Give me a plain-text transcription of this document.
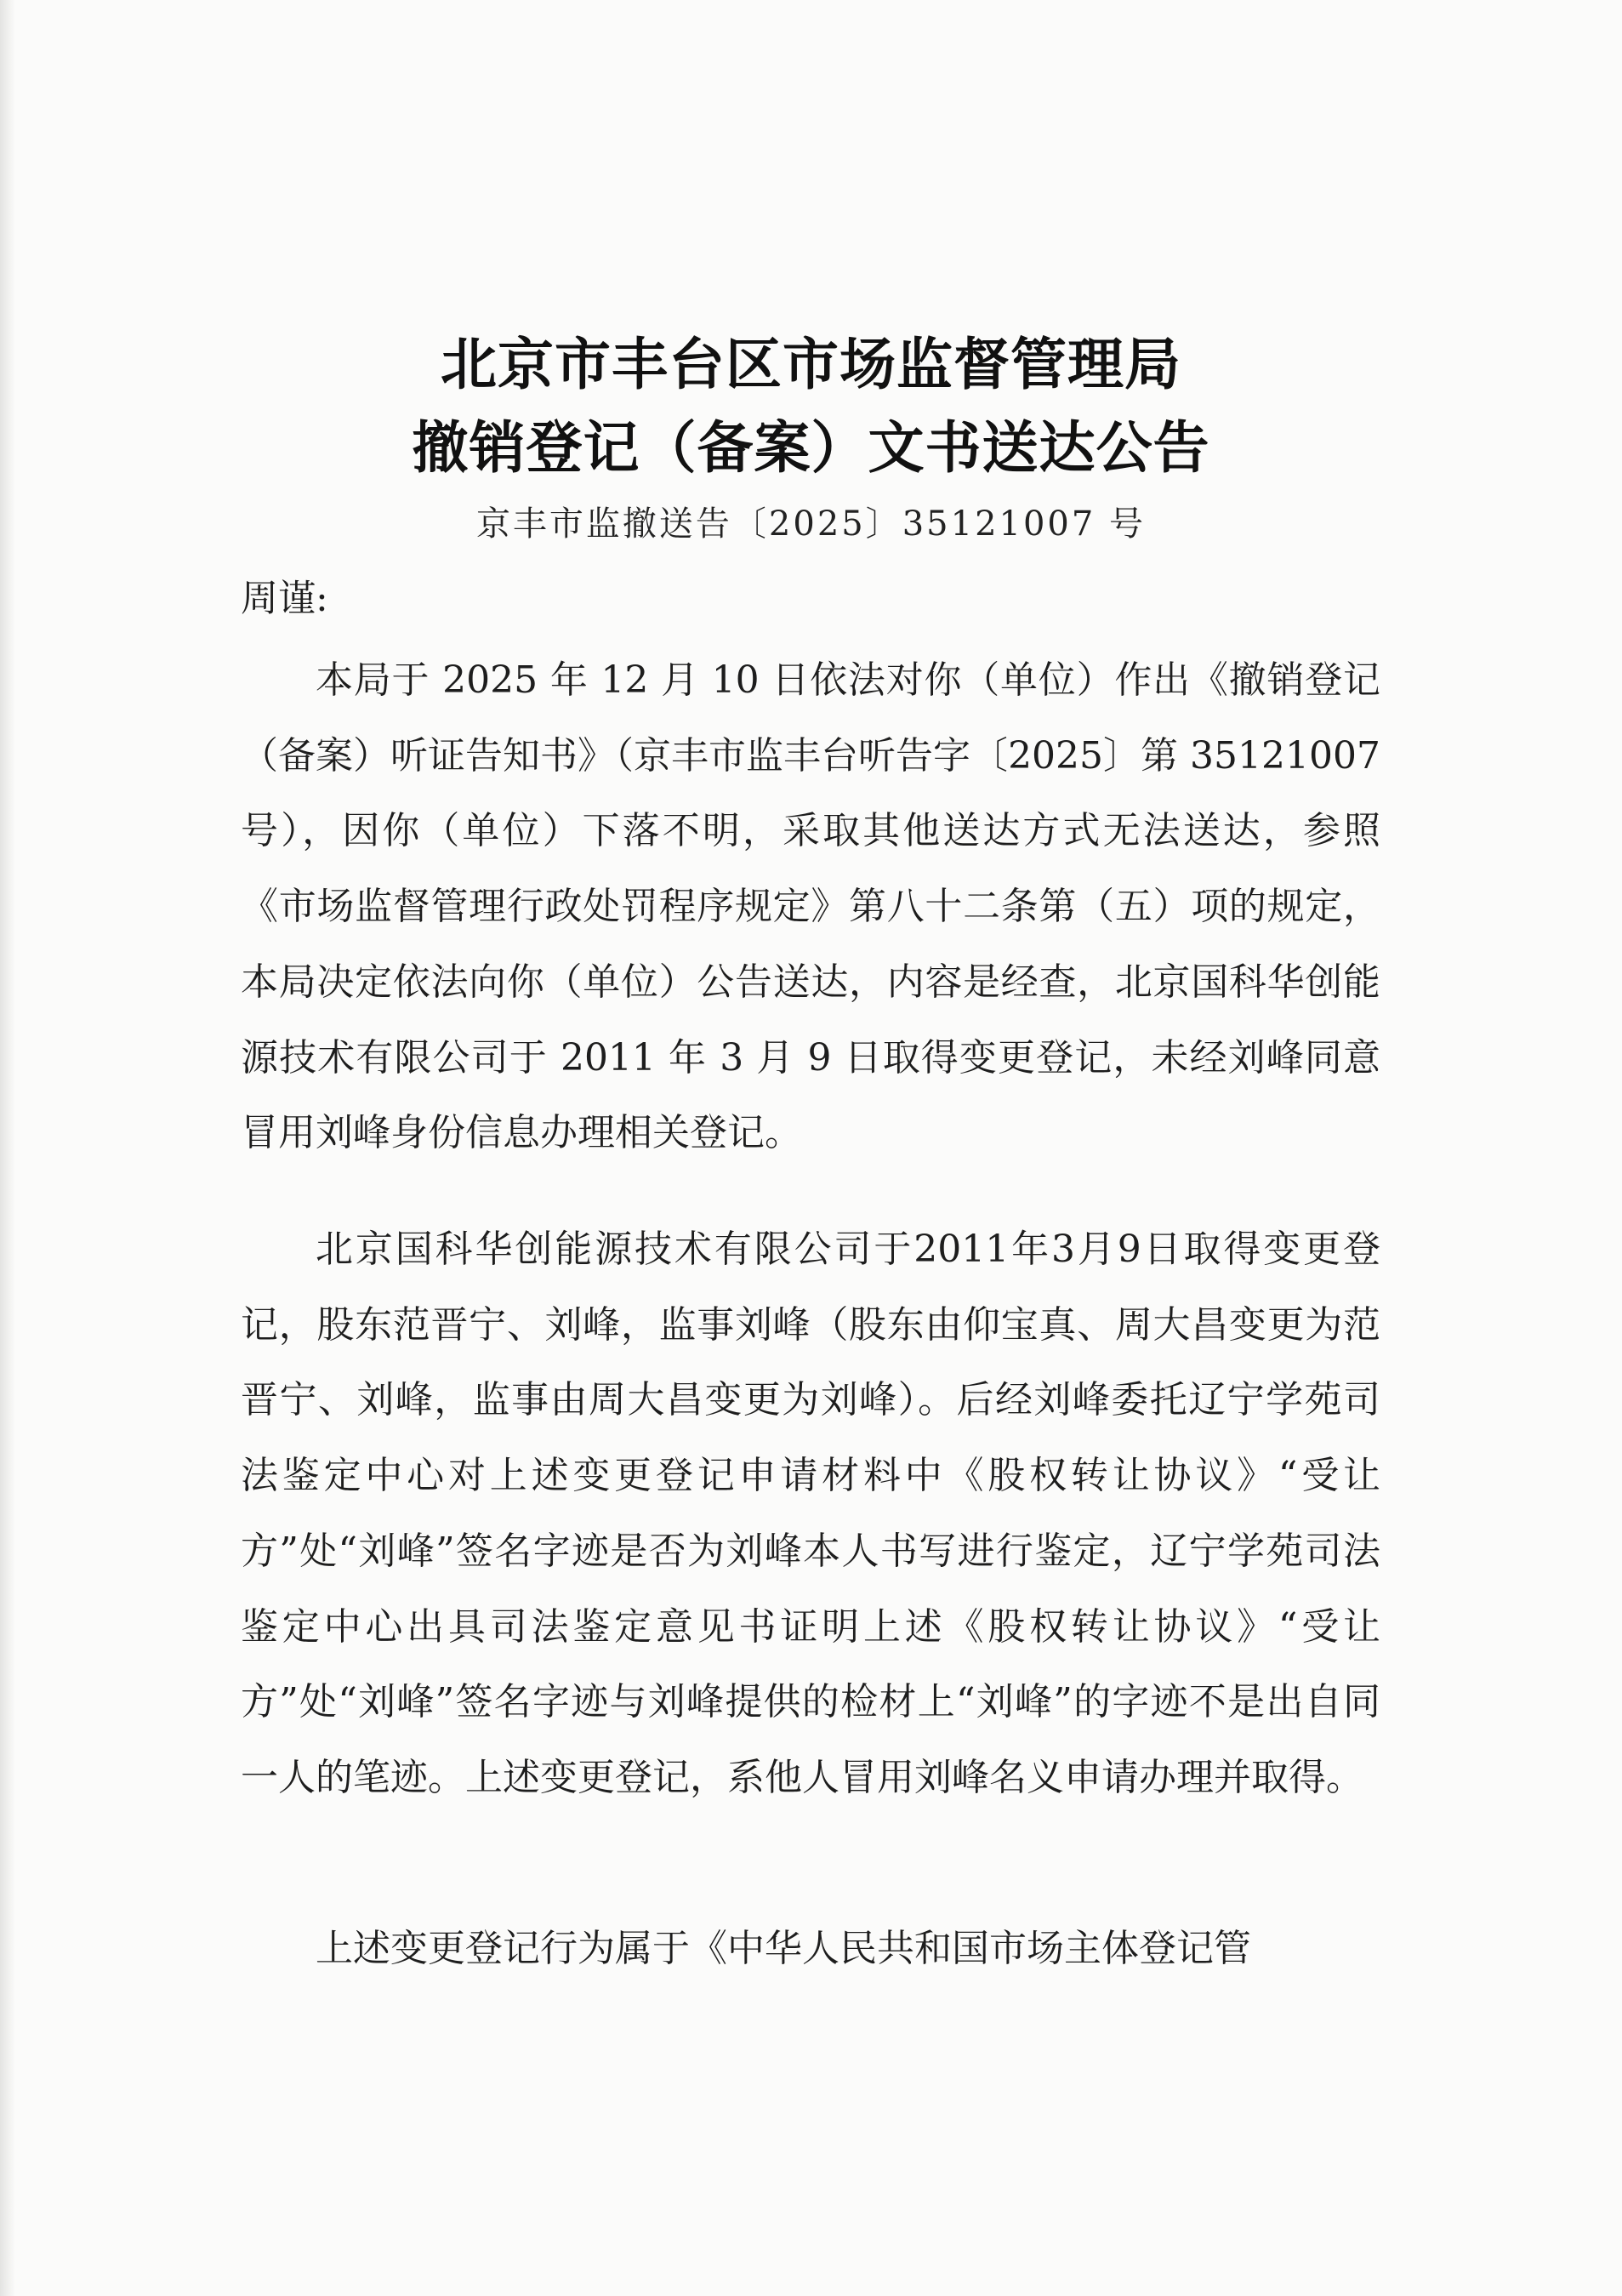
北京市丰台区市场监督管理局
撤销登记（备案）文书送达公告
京丰市监撤送告〔2025〕35121007 号
周谨:

本局于 2025 年 12 月 10 日依法对你（单位）作出《撤销登记（备案）听证告知书》（京丰市监丰台听告字〔2025〕第 35121007 号），因你（单位）下落不明，采取其他送达方式无法送达，参照《市场监督管理行政处罚程序规定》第八十二条第（五）项的规定，本局决定依法向你（单位）公告送达，内容是经查，北京国科华创能源技术有限公司于 2011 年 3 月 9 日取得变更登记，未经刘峰同意冒用刘峰身份信息办理相关登记。

北京国科华创能源技术有限公司于2011年3月9日取得变更登记，股东范晋宁、刘峰，监事刘峰（股东由仰宝真、周大昌变更为范晋宁、刘峰，监事由周大昌变更为刘峰）。后经刘峰委托辽宁学苑司法鉴定中心对上述变更登记申请材料中《股权转让协议》“受让方”处“刘峰”签名字迹是否为刘峰本人书写进行鉴定，辽宁学苑司法鉴定中心出具司法鉴定意见书证明上述《股权转让协议》“受让方”处“刘峰”签名字迹与刘峰提供的检材上“刘峰”的字迹不是出自同一人的笔迹。上述变更登记，系他人冒用刘峰名义申请办理并取得。

上述变更登记行为属于《中华人民共和国市场主体登记管
